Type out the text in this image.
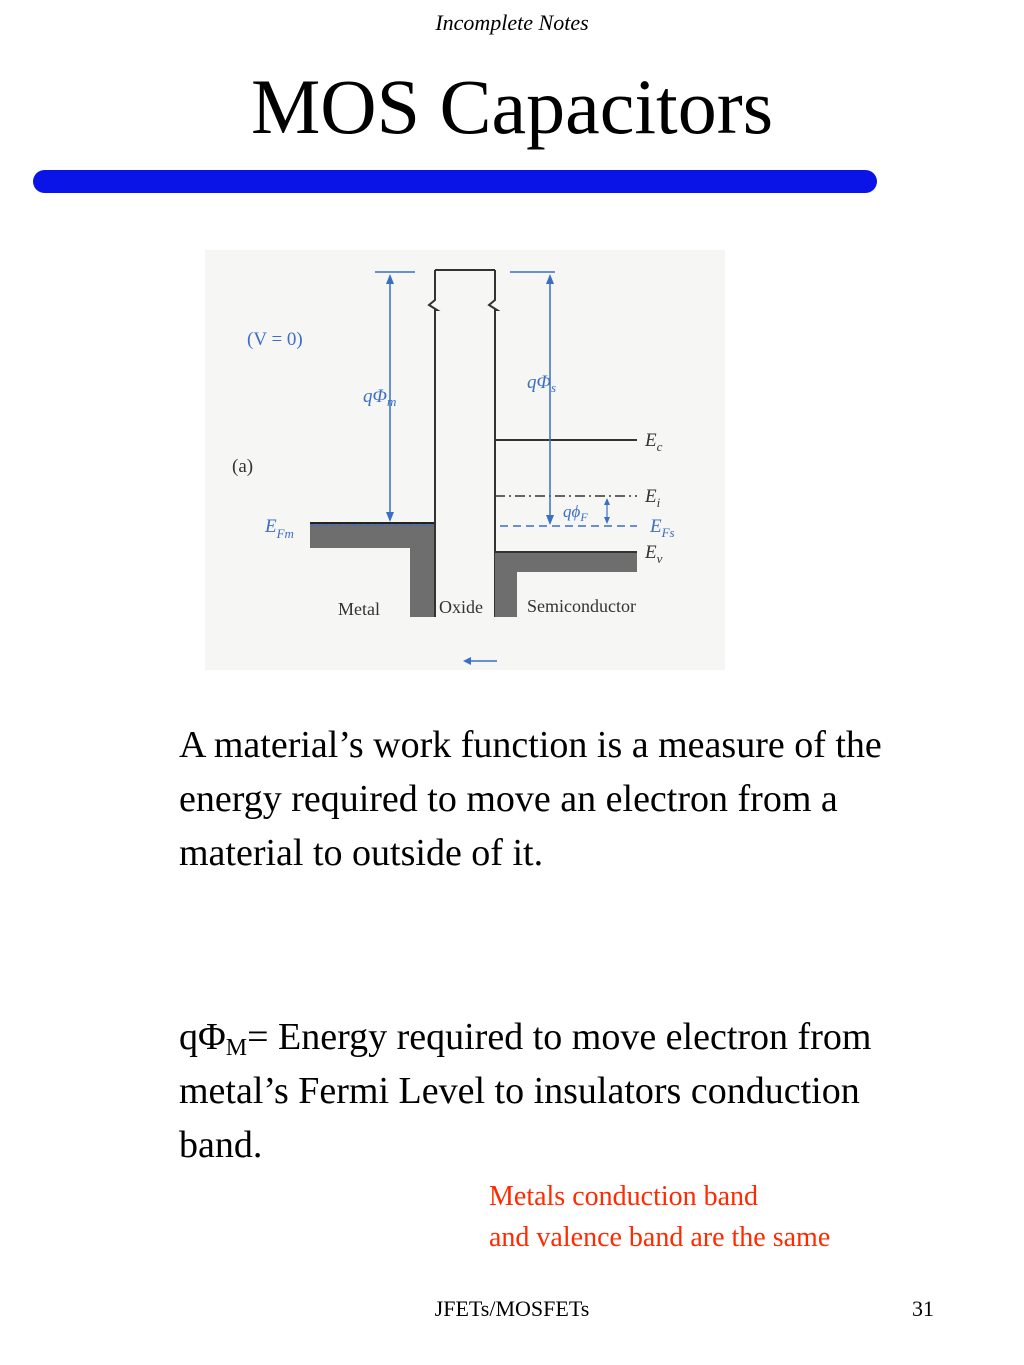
Incomplete Notes
MOS Capacitors
(V = 0)
(a)
$q\Phi_m$
$q\Phi_s$
$q\phi_F$
$E_{Fm}$
$E_c$
$E_i$
$E_{Fs}$
$E_v$
Metal	Oxide Semiconductor
A material’s work function is a measure of the energy required to move an electron from a material to outside of it.
$q\Phi_M=$ Energy required to move electron from metal’s Fermi Level to insulators conduction band.
Metals conduction band
and valence band are the same
JFETs/MOSFETs	31
